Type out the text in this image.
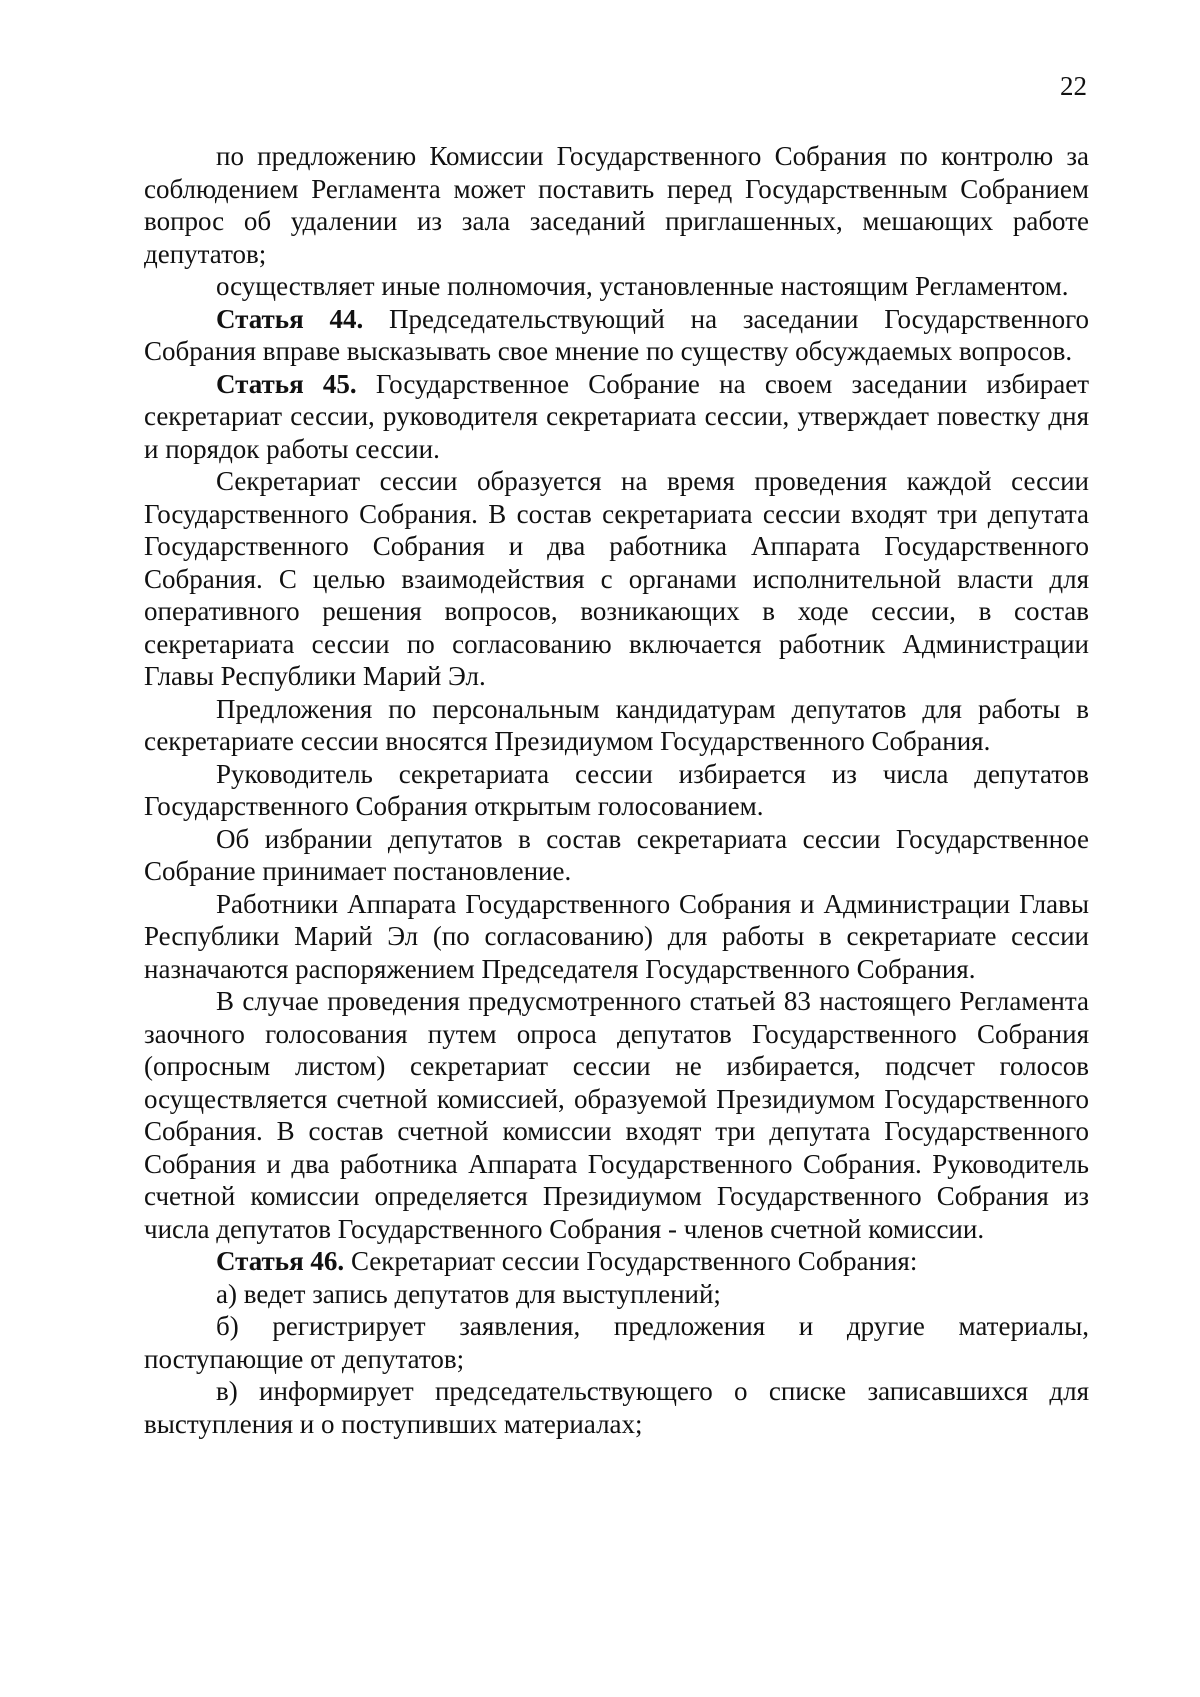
22

по предложению Комиссии Государственного Собрания по контролю за соблюдением Регламента может поставить перед Государственным Собранием вопрос об удалении из зала заседаний приглашенных, мешающих работе депутатов;

осуществляет иные полномочия, установленные настоящим Регламентом.

Статья 44. Председательствующий на заседании Государственного Собрания вправе высказывать свое мнение по существу обсуждаемых вопросов.

Статья 45. Государственное Собрание на своем заседании избирает секретариат сессии, руководителя секретариата сессии, утверждает повестку дня и порядок работы сессии.

Секретариат сессии образуется на время проведения каждой сессии Государственного Собрания. В состав секретариата сессии входят три депутата Государственного Собрания и два работника Аппарата Государственного Собрания. С целью взаимодействия с органами исполнительной власти для оперативного решения вопросов, возникающих в ходе сессии, в состав секретариата сессии по согласованию включается работник Администрации Главы Республики Марий Эл.

Предложения по персональным кандидатурам депутатов для работы в секретариате сессии вносятся Президиумом Государственного Собрания.

Руководитель секретариата сессии избирается из числа депутатов Государственного Собрания открытым голосованием.

Об избрании депутатов в состав секретариата сессии Государственное Собрание принимает постановление.

Работники Аппарата Государственного Собрания и Администрации Главы Республики Марий Эл (по согласованию) для работы в секретариате сессии назначаются распоряжением Председателя Государственного Собрания.

В случае проведения предусмотренного статьей 83 настоящего Регламента заочного голосования путем опроса депутатов Государственного Собрания (опросным листом) секретариат сессии не избирается, подсчет голосов осуществляется счетной комиссией, образуемой Президиумом Государственного Собрания. В состав счетной комиссии входят три депутата Государственного Собрания и два работника Аппарата Государственного Собрания. Руководитель счетной комиссии определяется Президиумом Государственного Собрания из числа депутатов Государственного Собрания - членов счетной комиссии.

Статья 46. Секретариат сессии Государственного Собрания:

а) ведет запись депутатов для выступлений;

б) регистрирует заявления, предложения и другие материалы, поступающие от депутатов;

в) информирует председательствующего о списке записавшихся для выступления и о поступивших материалах;
